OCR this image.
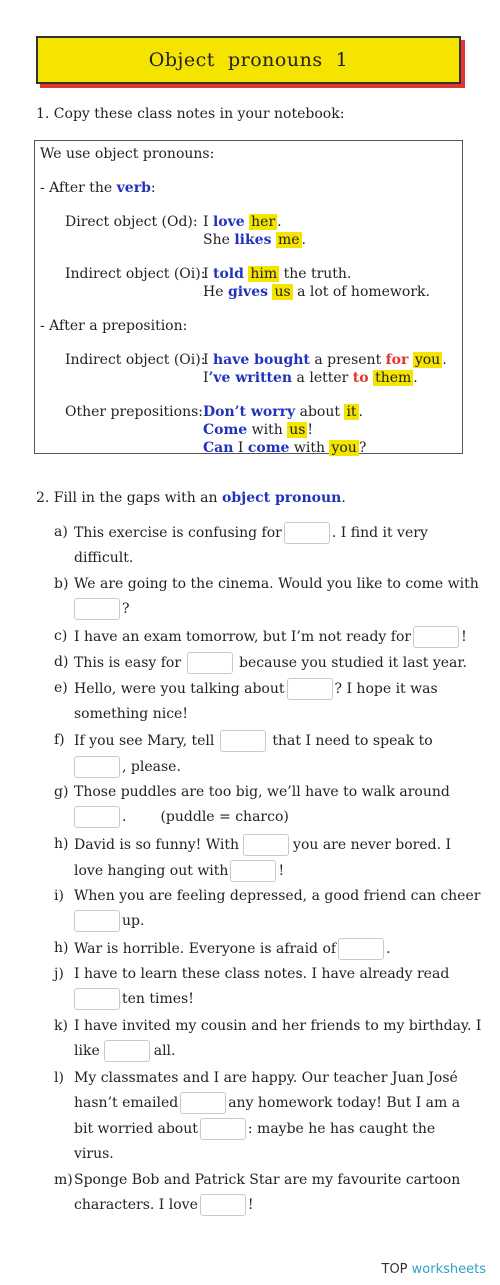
Object  pronouns  1
1. Copy these class notes in your notebook:
We use object pronouns:
- After the verb:
Direct object (Od): I love her .
She likes me .
Indirect object (Oi):
I told him the truth.
He gives us a lot of homework.
- After a preposition:
Indirect object (Oi):
I have bought a present for you .
I’ve written a letter to them .
Other prepositions: Don’t worry about it .
Come with us !
Can I come with you ?
2. Fill in the gaps with an object pronoun.
a) This exercise is confusing for	. I find it very
difficult.
b) We are going to the cinema. Would you like to come with
?
c) I have an exam tomorrow, but I’m not ready for	!
d) This is easy for	because you studied it last year.
e) Hello, were you talking about	? I hope it was
something nice!
f) If you see Mary, tell	that I need to speak to
, please.
g) Those puddles are too big, we’ll have to walk around
. (puddle = charco)
h) David is so funny! With	you are never bored. I
love hanging out with	!
i) When you are feeling depressed, a good friend can cheer
up.
h) War is horrible. Everyone is afraid of	.
j) I have to learn these class notes. I have already read
ten times!
k) I have invited my cousin and her friends to my birthday. I
like	all.
l) My classmates and I are happy. Our teacher Juan José
hasn’t emailed	any homework today! But I am a
bit worried about	: maybe he has caught the
virus.
m) Sponge Bob and Patrick Star are my favourite cartoon
characters. I love	!
TOP worksheets
